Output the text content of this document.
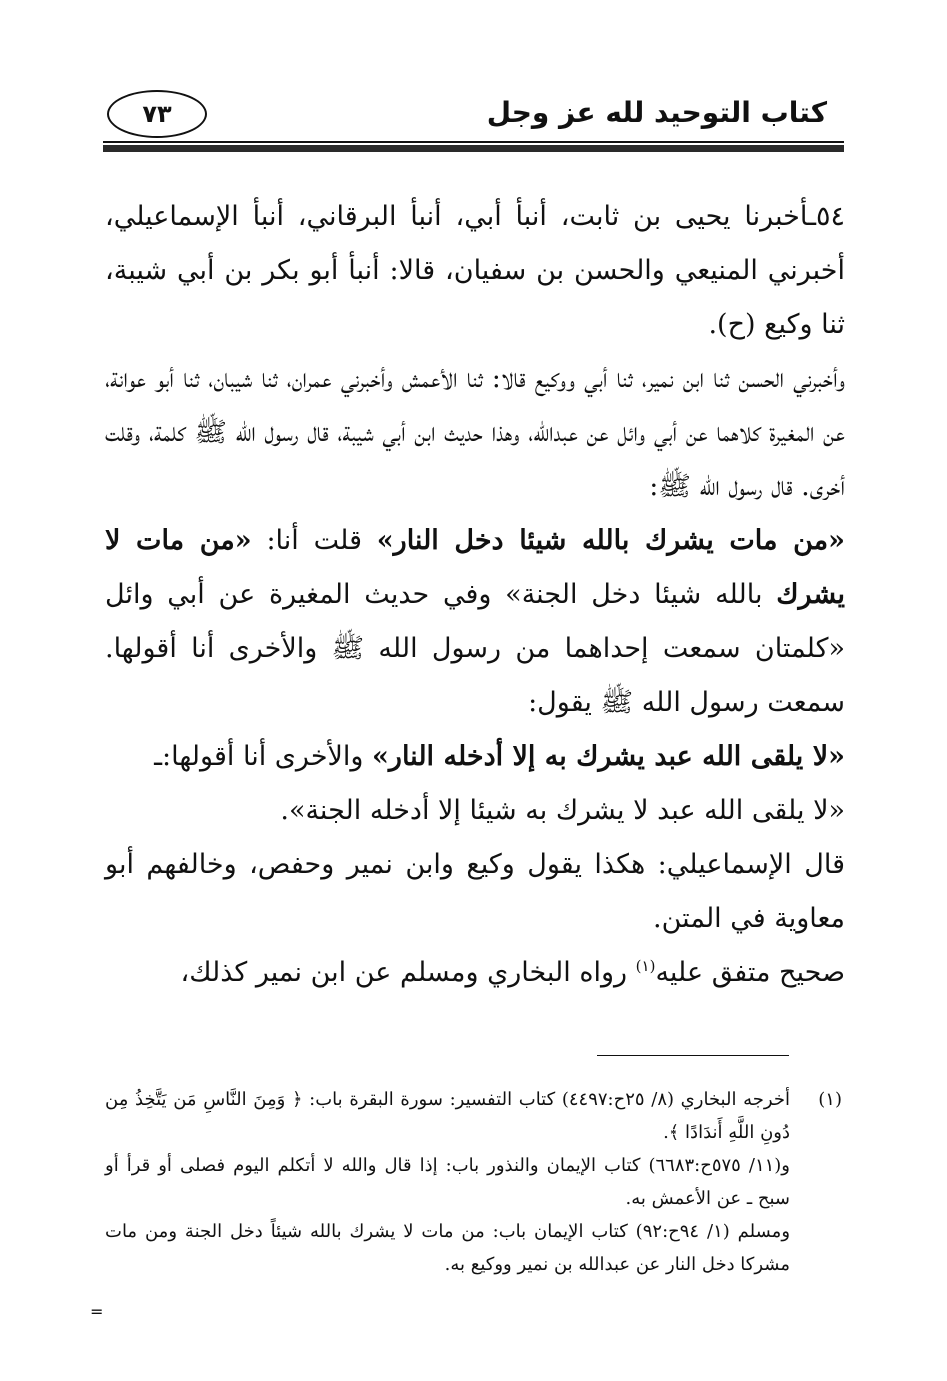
كتاب التوحيد لله عز وجل
٧٣

٥٤ـأخبرنا يحيى بن ثابت، أنبأ أبي، أنبأ البرقاني، أنبأ الإسماعيلي، أخبرني المنيعي والحسن بن سفيان، قالا: أنبأ أبو بكر بن أبي شيبة، ثنا وكيع (ح).

وأخبرني الحسن ثنا ابن نمير، ثنا أبي ووكيع قالا: ثنا الأعمش وأخبرني عمران، ثنا شيبان، ثنا أبو عوانة، عن المغيرة كلاهما عن أبي وائل عن عبدالله، وهذا حديث ابن أبي شيبة، قال رسول الله ﷺ كلمة، وقلت أخرى. قال رسول الله ﷺ:

«من مات يشرك بالله شيئا دخل النار» قلت أنا: «من مات لا يشرك بالله شيئا دخل الجنة» وفي حديث المغيرة عن أبي وائل «كلمتان سمعت إحداهما من رسول الله ﷺ والأخرى أنا أقولها. سمعت رسول الله ﷺ يقول:

«لا يلقى الله عبد يشرك به إلا أدخله النار» والأخرى أنا أقولها:ـ

«لا يلقى الله عبد لا يشرك به شيئا إلا أدخله الجنة».

قال الإسماعيلي: هكذا يقول وكيع وابن نمير وحفص، وخالفهم أبو معاوية في المتن.

صحيح متفق عليه$^{(١)}$ رواه البخاري ومسلم عن ابن نمير كذلك،

(١)
أخرجه البخاري (٨/ ٢٥ح:٤٤٩٧) كتاب التفسير: سورة البقرة باب: ﴿ وَمِنَ النَّاسِ مَن يَتَّخِذُ مِن دُونِ اللَّهِ أَندَادًا ﴾.
و(١١/ ٥٧٥ح:٦٦٨٣) كتاب الإيمان والنذور باب: إذا قال والله لا أتكلم اليوم فصلى أو قرأ أو سبح ـ عن الأعمش به.
ومسلم (١/ ٩٤ح:٩٢) كتاب الإيمان باب: من مات لا يشرك بالله شيئاً دخل الجنة ومن مات مشركا دخل النار عن عبدالله بن نمير ووكيع به.
=
